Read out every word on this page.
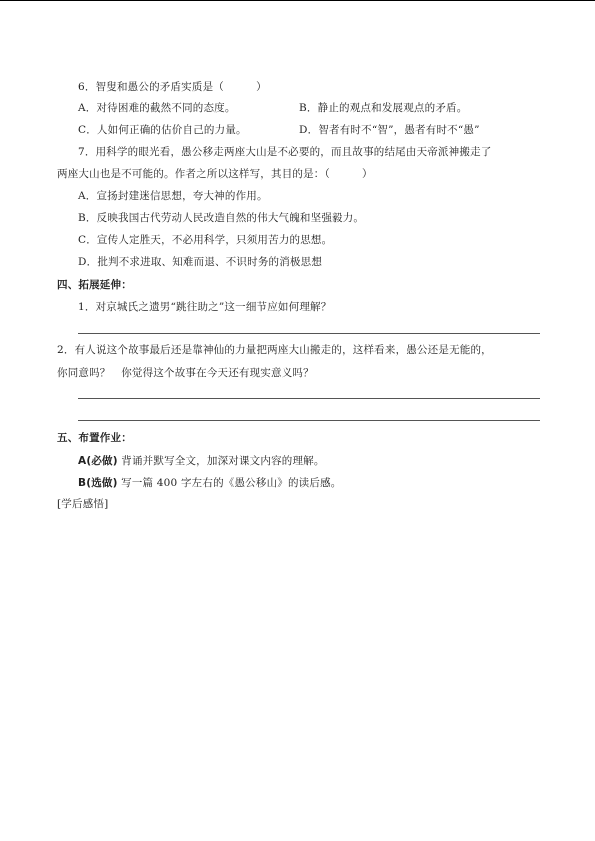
6．智叟和愚公的矛盾实质是（　　　）
A．对待困难的截然不同的态度。	B．静止的观点和发展观点的矛盾。
C．人如何正确的估价自己的力量。	D．智者有时不“智”，愚者有时不“愚”
7．用科学的眼光看，愚公移走两座大山是不必要的，而且故事的结尾由天帝派神搬走了
两座大山也是不可能的。作者之所以这样写，其目的是：（　　　）
A．宣扬封建迷信思想，夸大神的作用。
B．反映我国古代劳动人民改造自然的伟大气魄和坚强毅力。
C．宣传人定胜天，不必用科学，只须用苦力的思想。
D．批判不求进取、知难而退、不识时务的消极思想
四、拓展延伸：
1．对京城氏之遗男“跳往助之”这一细节应如何理解？
2．有人说这个故事最后还是靠神仙的力量把两座大山搬走的，这样看来，愚公还是无能的，
你同意吗？　你觉得这个故事在今天还有现实意义吗？
五、布置作业：
A(必做) 背诵并默写全文，加深对课文内容的理解。
B(选做) 写一篇 400 字左右的《愚公移山》的读后感。
[学后感悟]
